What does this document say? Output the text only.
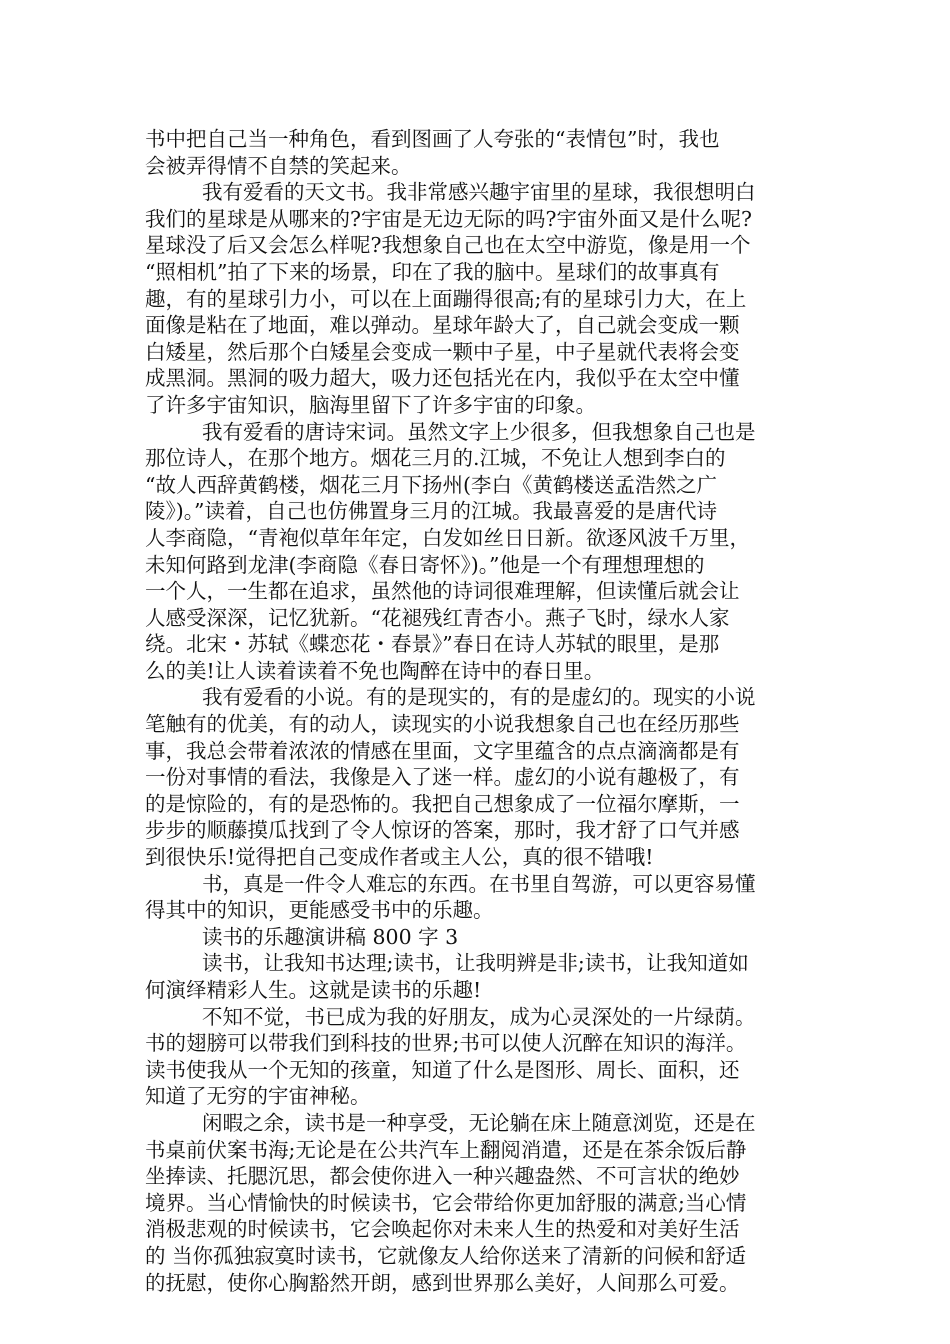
书中把自己当一种角色，看到图画了人夸张的“表情包”时，我也
会被弄得情不自禁的笑起来。
我有爱看的天文书。我非常感兴趣宇宙里的星球，我很想明白
我们的星球是从哪来的?宇宙是无边无际的吗?宇宙外面又是什么呢?
星球没了后又会怎么样呢?我想象自己也在太空中游览，像是用一个
“照相机”拍了下来的场景，印在了我的脑中。星球们的故事真有
趣，有的星球引力小，可以在上面蹦得很高;有的星球引力大，在上
面像是粘在了地面，难以弹动。星球年龄大了，自己就会变成一颗
白矮星，然后那个白矮星会变成一颗中子星，中子星就代表将会变
成黑洞。黑洞的吸力超大，吸力还包括光在内，我似乎在太空中懂
了许多宇宙知识，脑海里留下了许多宇宙的印象。
我有爱看的唐诗宋词。虽然文字上少很多，但我想象自己也是
那位诗人，在那个地方。烟花三月的.江城，不免让人想到李白的
“故人西辞黄鹤楼，烟花三月下扬州(李白《黄鹤楼送孟浩然之广
陵》)。”读着，自己也仿佛置身三月的江城。我最喜爱的是唐代诗
人李商隐，“青袍似草年年定，白发如丝日日新。欲逐风波千万里，
未知何路到龙津(李商隐《春日寄怀》)。”他是一个有理想理想的
一个人，一生都在追求，虽然他的诗词很难理解，但读懂后就会让
人感受深深，记忆犹新。“花褪残红青杏小。燕子飞时，绿水人家
绕。北宋・苏轼《蝶恋花・春景》”春日在诗人苏轼的眼里，是那
么的美!让人读着读着不免也陶醉在诗中的春日里。
我有爱看的小说。有的是现实的，有的是虚幻的。现实的小说
笔触有的优美，有的动人，读现实的小说我想象自己也在经历那些
事，我总会带着浓浓的情感在里面，文字里蕴含的点点滴滴都是有
一份对事情的看法，我像是入了迷一样。虚幻的小说有趣极了，有
的是惊险的，有的是恐怖的。我把自己想象成了一位福尔摩斯，一
步步的顺藤摸瓜找到了令人惊讶的答案，那时，我才舒了口气并感
到很快乐!觉得把自己变成作者或主人公，真的很不错哦!
书，真是一件令人难忘的东西。在书里自驾游，可以更容易懂
得其中的知识，更能感受书中的乐趣。
读书的乐趣演讲稿 800 字 3
读书，让我知书达理;读书，让我明辨是非;读书，让我知道如
何演绎精彩人生。这就是读书的乐趣!
不知不觉，书已成为我的好朋友，成为心灵深处的一片绿荫。
书的翅膀可以带我们到科技的世界;书可以使人沉醉在知识的海洋。
读书使我从一个无知的孩童，知道了什么是图形、周长、面积，还
知道了无穷的宇宙神秘。
闲暇之余，读书是一种享受，无论躺在床上随意浏览，还是在
书桌前伏案书海;无论是在公共汽车上翻阅消遣，还是在茶余饭后静
坐捧读、托腮沉思，都会使你进入一种兴趣盎然、不可言状的绝妙
境界。当心情愉快的时候读书，它会带给你更加舒服的满意;当心情
消极悲观的时候读书，它会唤起你对未来人生的热爱和对美好生活
的 当你孤独寂寞时读书，它就像友人给你送来了清新的问候和舒适
的抚慰，使你心胸豁然开朗，感到世界那么美好，人间那么可爱。
